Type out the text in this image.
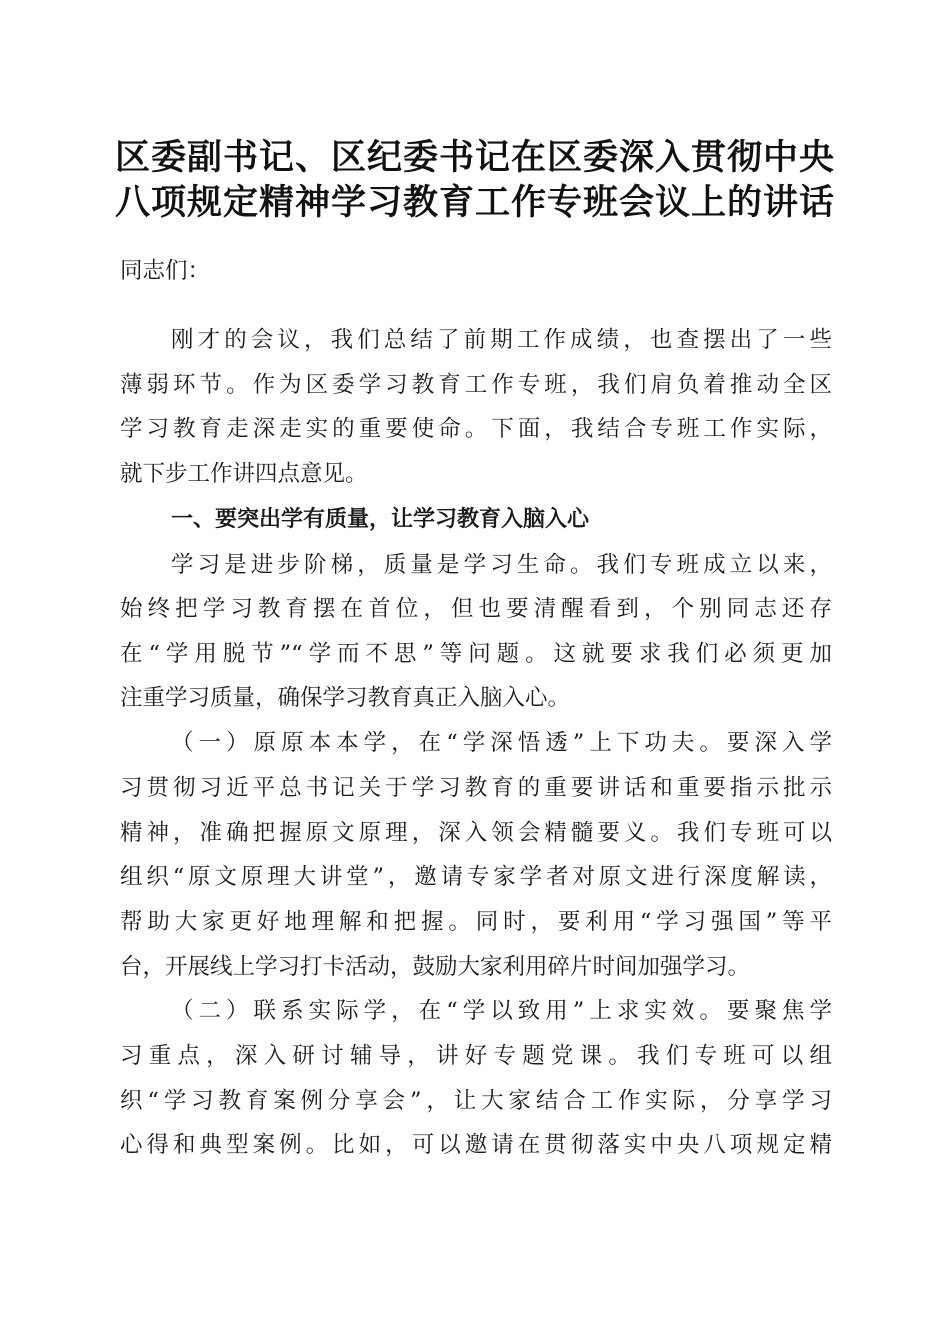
区委副书记、区纪委书记在区委深入贯彻中央
八项规定精神学习教育工作专班会议上的讲话
同志们：
刚才的会议，我们总结了前期工作成绩，也查摆出了一些
薄弱环节。作为区委学习教育工作专班，我们肩负着推动全区
学习教育走深走实的重要使命。下面，我结合专班工作实际，
就下步工作讲四点意见。
一、要突出学有质量，让学习教育入脑入心
学习是进步阶梯，质量是学习生命。我们专班成立以来，
始终把学习教育摆在首位，但也要清醒看到，个别同志还存
在“学用脱节”“学而不思”等问题。这就要求我们必须更加
注重学习质量，确保学习教育真正入脑入心。
（一）原原本本学，在“学深悟透”上下功夫。要深入学
习贯彻习近平总书记关于学习教育的重要讲话和重要指示批示
精神，准确把握原文原理，深入领会精髓要义。我们专班可以
组织“原文原理大讲堂”，邀请专家学者对原文进行深度解读，
帮助大家更好地理解和把握。同时，要利用“学习强国”等平
台，开展线上学习打卡活动，鼓励大家利用碎片时间加强学习。
（二）联系实际学，在“学以致用”上求实效。要聚焦学
习重点，深入研讨辅导，讲好专题党课。我们专班可以组
织“学习教育案例分享会”，让大家结合工作实际，分享学习
心得和典型案例。比如，可以邀请在贯彻落实中央八项规定精
